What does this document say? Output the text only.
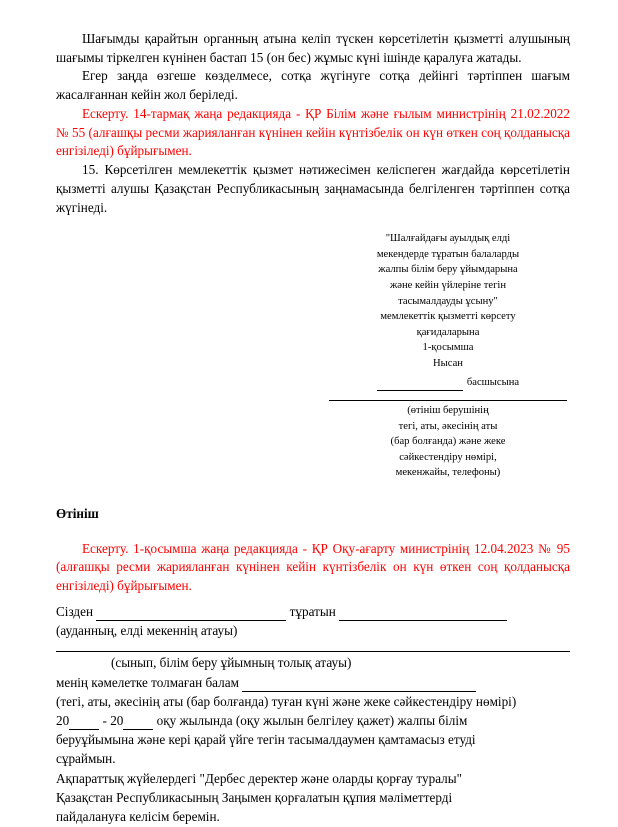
Шағымды қарайтын органның атына келіп түскен көрсетілетін қызметті алушының шағымы тіркелген күнінен бастап 15 (он бес) жұмыс күні ішінде қаралуға жатады.

Егер заңда өзгеше көзделмесе, сотқа жүгінуге сотқа дейінгі тәртіппен шағым жасалғаннан кейін жол беріледі.

Ескерту. 14-тармақ жаңа редакцияда - ҚР Білім және ғылым министрінің 21.02.2022 № 55 (алғашқы ресми жарияланған күнінен кейін күнтізбелік он күн өткен соң қолданысқа енгізіледі) бұйрығымен.

15. Көрсетілген мемлекеттік қызмет нәтижесімен келіспеген жағдайда көрсетілетін қызметті алушы Қазақстан Республикасының заңнамасында белгіленген тәртіппен сотқа жүгінеді.

"Шалғайдағы ауылдық елді
мекендерде тұратын балаларды
жалпы білім беру ұйымдарына
және кейін үйлеріне тегін
тасымалдауды ұсыну"
мемлекеттік қызметті көрсету
қағидаларына
1-қосымша
Нысан
басшысына
(өтініш берушінің
тегі, аты, әкесінің аты
(бар болғанда) және жеке
сәйкестендіру нөмірі,
мекенжайы, телефоны)

Өтініш

Ескерту. 1-қосымша жаңа редакцияда - ҚР Оқу-ағарту министрінің 12.04.2023 № 95 (алғашқы ресми жарияланған күнінен кейін күнтізбелік он күн өткен соң қолданысқа енгізіледі) бұйрығымен.

Сізден	тұратын
(ауданның, елді мекеннің атауы)
(сынып, білім беру ұйымның толық атауы)
менің кәмелетке толмаған балам
(тегі, аты, әкесінің аты (бар болғанда) туған күні және жеке сәйкестендіру нөмірі)
20	- 20	оқу жылында (оқу жылын белгілеу қажет) жалпы білім
беруұйымына және кері қарай үйге тегін тасымалдаумен қамтамасыз етуді
сұраймын.
Ақпараттық жүйелердегі "Дербес деректер және оларды қорғау туралы"
Қазақстан Республикасының Заңымен қорғалатын құпия мәліметтерді
пайдалануға келісім беремін.
